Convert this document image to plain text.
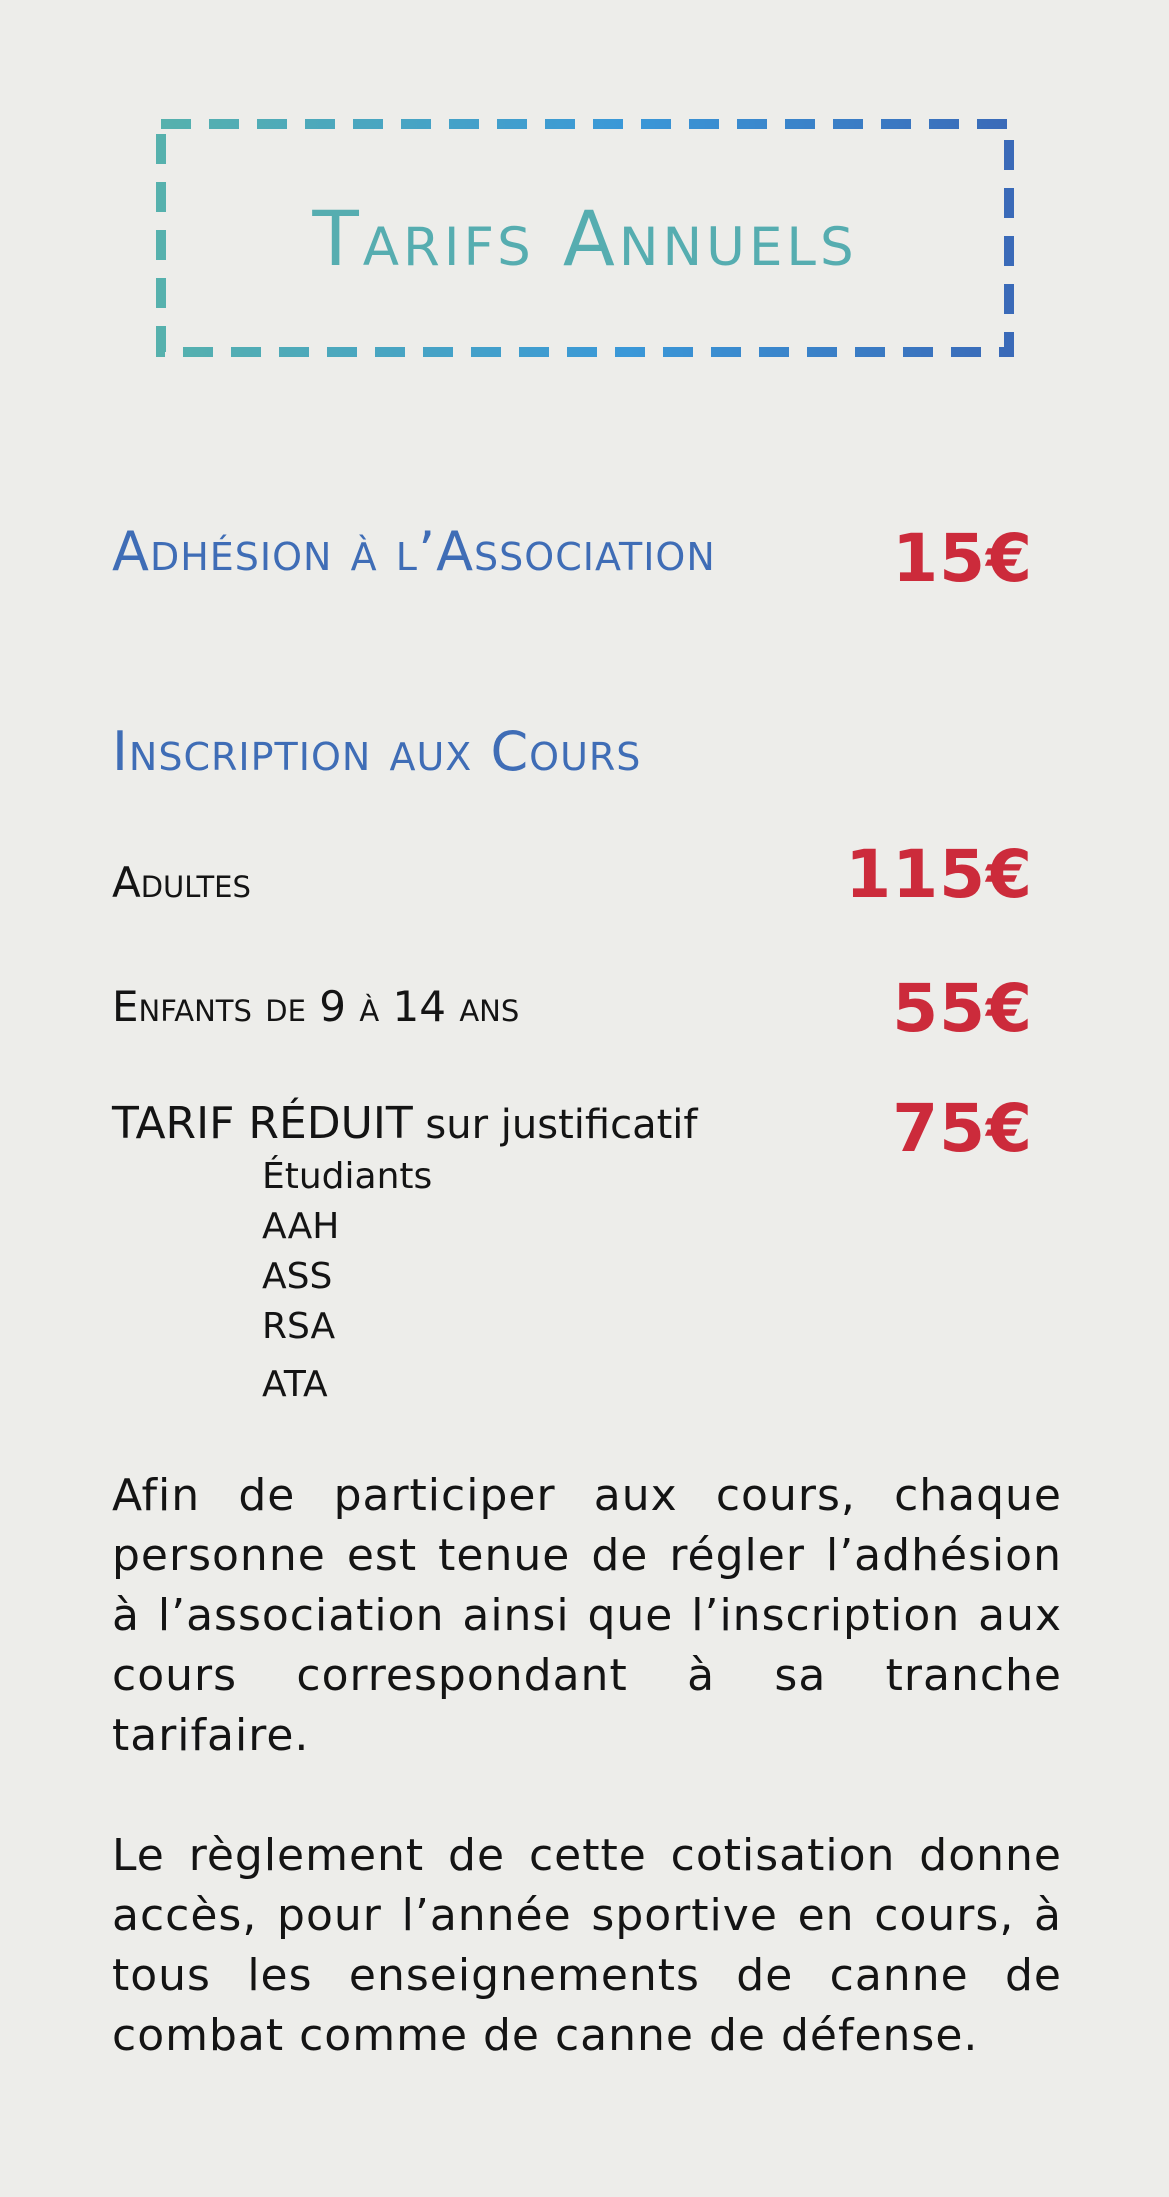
Tarifs Annuels
Adhésion à l’Association	15€
Inscription aux Cours
Adultes	115€
Enfants de 9 à 14 ans	55€
TARIF RÉDUIT sur justificatif	75€
Étudiants
AAH
ASS
RSA
ATA

Afin de participer aux cours, chaque personne est tenue de régler l’adhésion à l’association ainsi que l’inscription aux cours correspondant à sa tranche tarifaire.

Le règlement de cette cotisation donne accès, pour l’année sportive en cours, à tous les enseignements de canne de combat comme de canne de défense.
